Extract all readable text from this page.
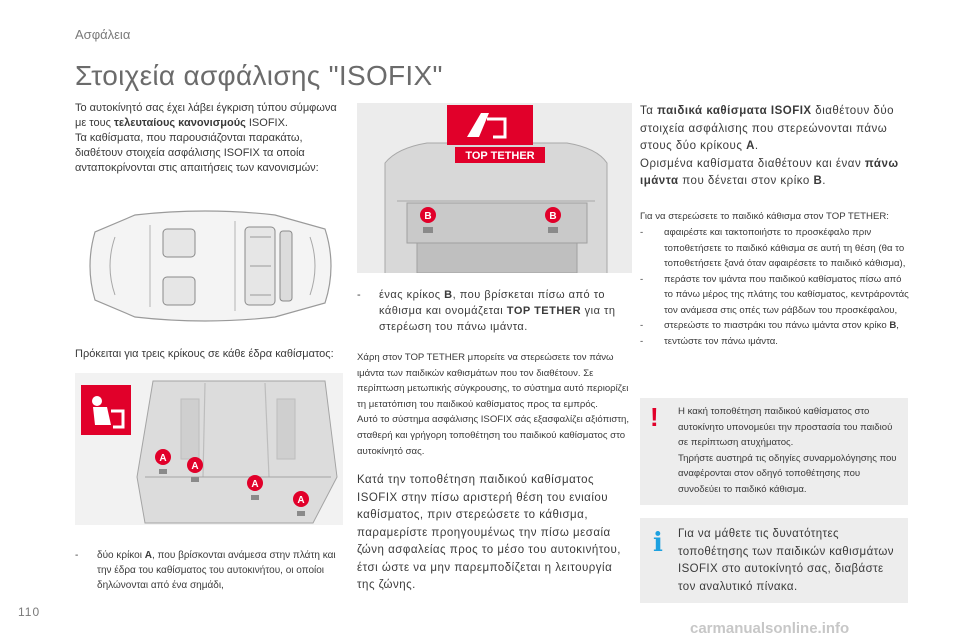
Ασφάλεια
Στοιχεία ασφάλισης "ISOFIX"

Το αυτοκίνητό σας έχει λάβει έγκριση τύπου σύμφωνα με τους τελευταίους κανονισμούς ISOFIX.

Τα καθίσματα, που παρουσιάζονται παρακάτω, διαθέτουν στοιχεία ασφάλισης ISOFIX τα οποία ανταποκρίνονται στις απαιτήσεις των κανονισμών:

Πρόκειται για τρεις κρίκους σε κάθε έδρα καθίσματος:
A
A
A
A
-	δύο κρίκοι A, που βρίσκονται ανάμεσα στην πλάτη και την έδρα του καθίσματος του αυτοκινήτου, οι οποίοι δηλώνονται από ένα σημάδι,
TOP TETHER
B	B
-	ένας κρίκος B, που βρίσκεται πίσω από το κάθισμα και ονομάζεται TOP TETHER για τη στερέωση του πάνω ιμάντα.

Χάρη στον TOP TETHER μπορείτε να στερεώσετε τον πάνω ιμάντα των παιδικών καθισμάτων που τον διαθέτουν. Σε περίπτωση μετωπικής σύγκρουσης, το σύστημα αυτό περιορίζει τη μετατόπιση του παιδικού καθίσματος προς τα εμπρός.

Αυτό το σύστημα ασφάλισης ISOFIX σάς εξασφαλίζει αξιόπιστη, σταθερή και γρήγορη τοποθέτηση του παιδικού καθίσματος στο αυτοκίνητό σας.

Κατά την τοποθέτηση παιδικού καθίσματος ISOFIX στην πίσω αριστερή θέση του ενιαίου καθίσματος, πριν στερεώσετε το κάθισμα, παραμερίστε προηγουμένως την πίσω μεσαία ζώνη ασφαλείας προς το μέσο του αυτοκινήτου, έτσι ώστε να μην παρεμποδίζεται η λειτουργία της ζώνης.
Τα παιδικά καθίσματα ISOFIX διαθέτουν δύο στοιχεία ασφάλισης που στερεώνονται πάνω στους δύο κρίκους A.
Ορισμένα καθίσματα διαθέτουν και έναν πάνω ιμάντα που δένεται στον κρίκο B.
Για να στερεώσετε το παιδικό κάθισμα στον TOP TETHER:
-	αφαιρέστε και τακτοποιήστε το προσκέφαλο πριν τοποθετήσετε το παιδικό κάθισμα σε αυτή τη θέση (θα το τοποθετήσετε ξανά όταν αφαιρέσετε το παιδικό κάθισμα),
-	περάστε τον ιμάντα που παιδικού καθίσματος πίσω από το πάνω μέρος της πλάτης του καθίσματος, κεντράροντάς τον ανάμεσα στις οπές των ράβδων του προσκέφαλου,
-	στερεώστε το πιαστράκι του πάνω ιμάντα στον κρίκο B,
-	τεντώστε τον πάνω ιμάντα.
! Η κακή τοποθέτηση παιδικού καθίσματος στο αυτοκίνητο υπονομεύει την προστασία του παιδιού σε περίπτωση ατυχήματος.

Τηρήστε αυστηρά τις οδηγίες συναρμολόγησης που αναφέρονται στον οδηγό τοποθέτησης που συνοδεύει το παιδικό κάθισμα.

i Για να μάθετε τις δυνατότητες τοποθέτησης των παιδικών καθισμάτων ISOFIX στο αυτοκίνητό σας, διαβάστε τον αναλυτικό πίνακα.
110
carmanualsonline.info
